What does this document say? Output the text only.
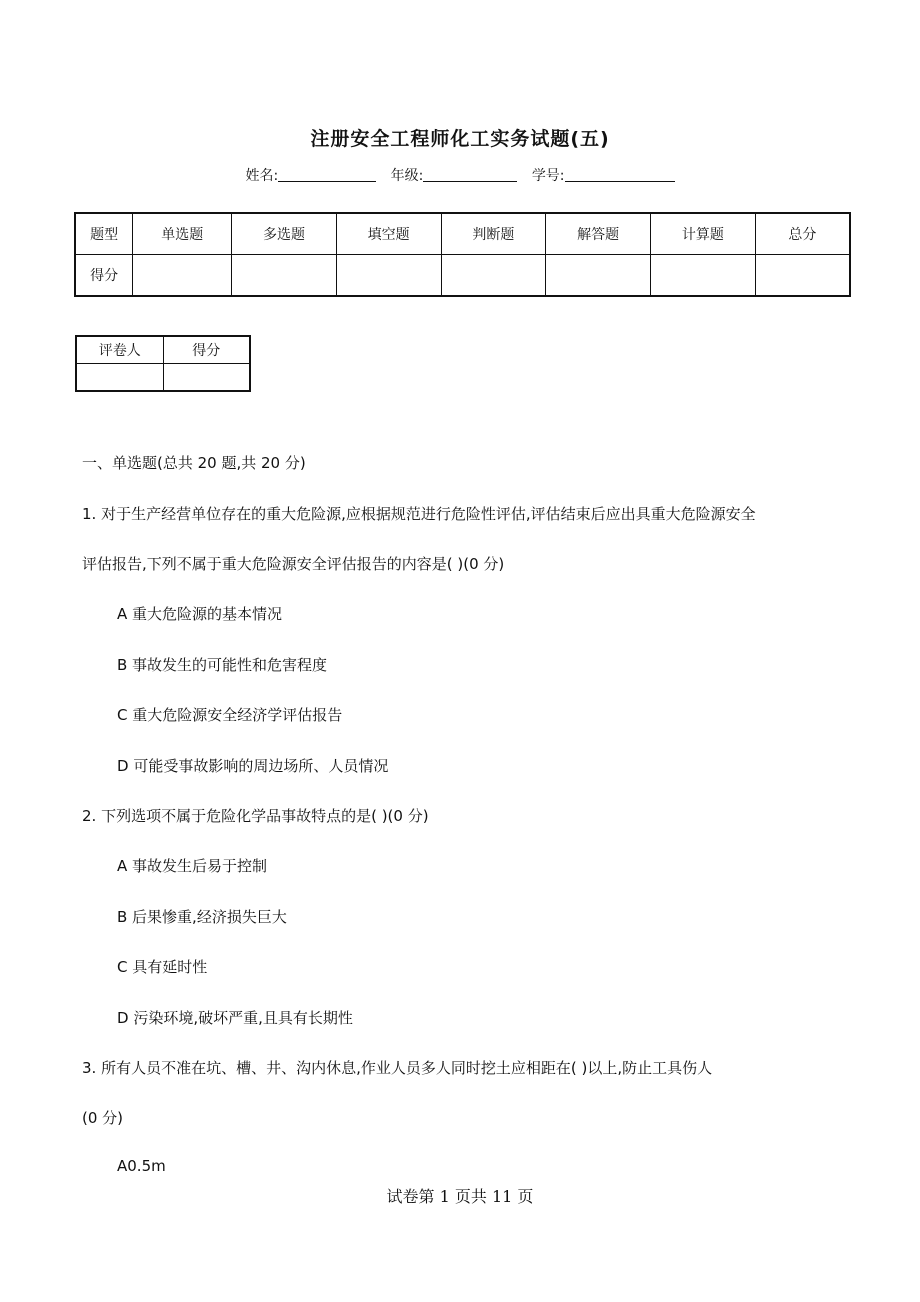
注册安全工程师化工实务试题(五)
姓名:	年级:	学号:
题型	单选题	多选题	填空题	判断题	解答题	计算题	总分
得分							
评卷人	得分

一、单选题(总共 20 题,共 20 分)
1. 对于生产经营单位存在的重大危险源,应根据规范进行危险性评估,评估结束后应出具重大危险源安全
评估报告,下列不属于重大危险源安全评估报告的内容是( )(0 分)
A 重大危险源的基本情况
B 事故发生的可能性和危害程度
C 重大危险源安全经济学评估报告
D 可能受事故影响的周边场所、人员情况
2. 下列选项不属于危险化学品事故特点的是( )(0 分)
A 事故发生后易于控制
B 后果惨重,经济损失巨大
C 具有延时性
D 污染环境,破坏严重,且具有长期性
3. 所有人员不准在坑、槽、井、沟内休息,作业人员多人同时挖土应相距在( )以上,防止工具伤人
(0 分)
A0.5m
试卷第 1 页共 11 页
